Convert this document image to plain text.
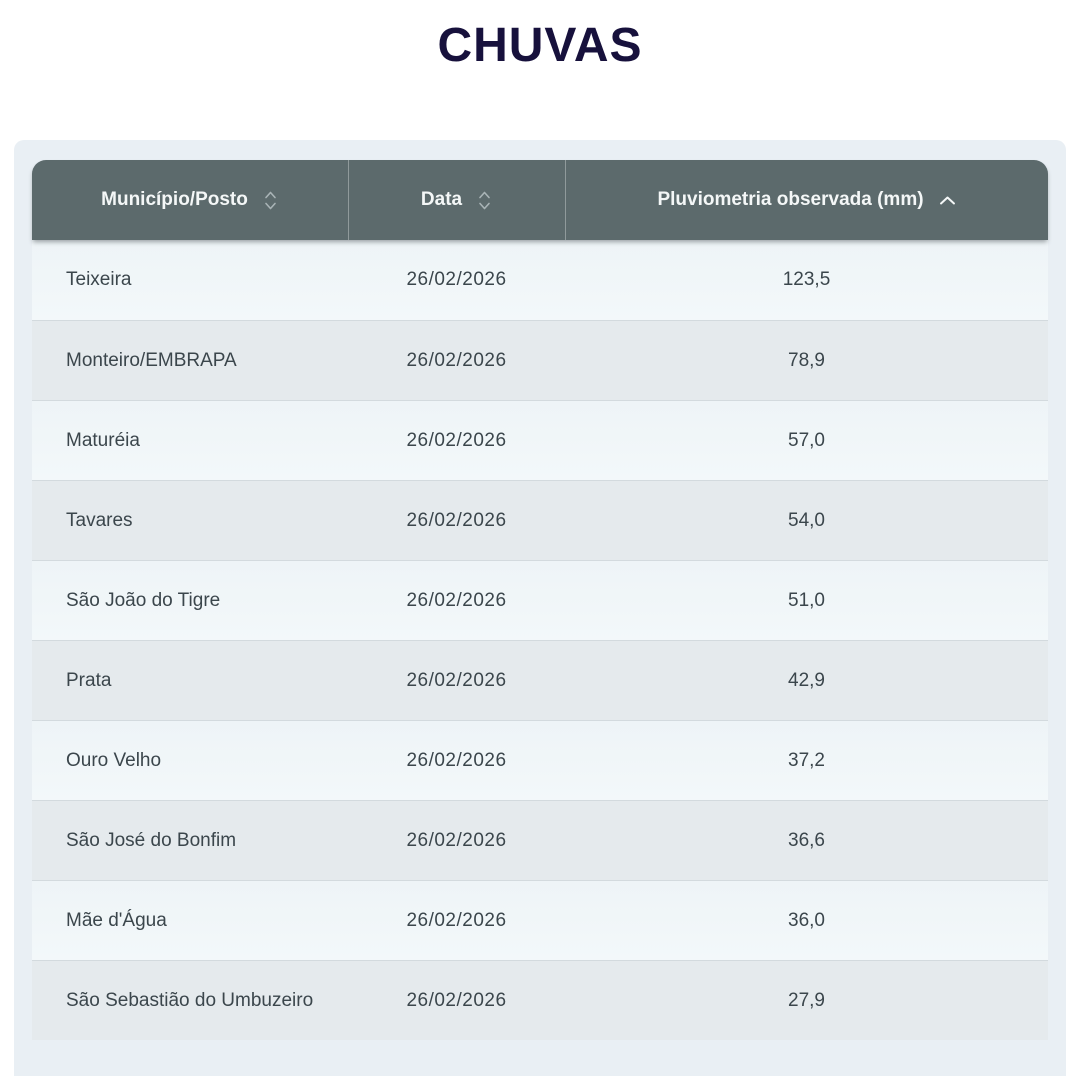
CHUVAS
Município/Posto	Data	Pluviometria observada (mm)
Teixeira	26/02/2026	123,5
Monteiro/EMBRAPA	26/02/2026	78,9
Maturéia	26/02/2026	57,0
Tavares	26/02/2026	54,0
São João do Tigre	26/02/2026	51,0
Prata	26/02/2026	42,9
Ouro Velho	26/02/2026	37,2
São José do Bonfim	26/02/2026	36,6
Mãe d'Água	26/02/2026	36,0
São Sebastião do Umbuzeiro	26/02/2026	27,9
